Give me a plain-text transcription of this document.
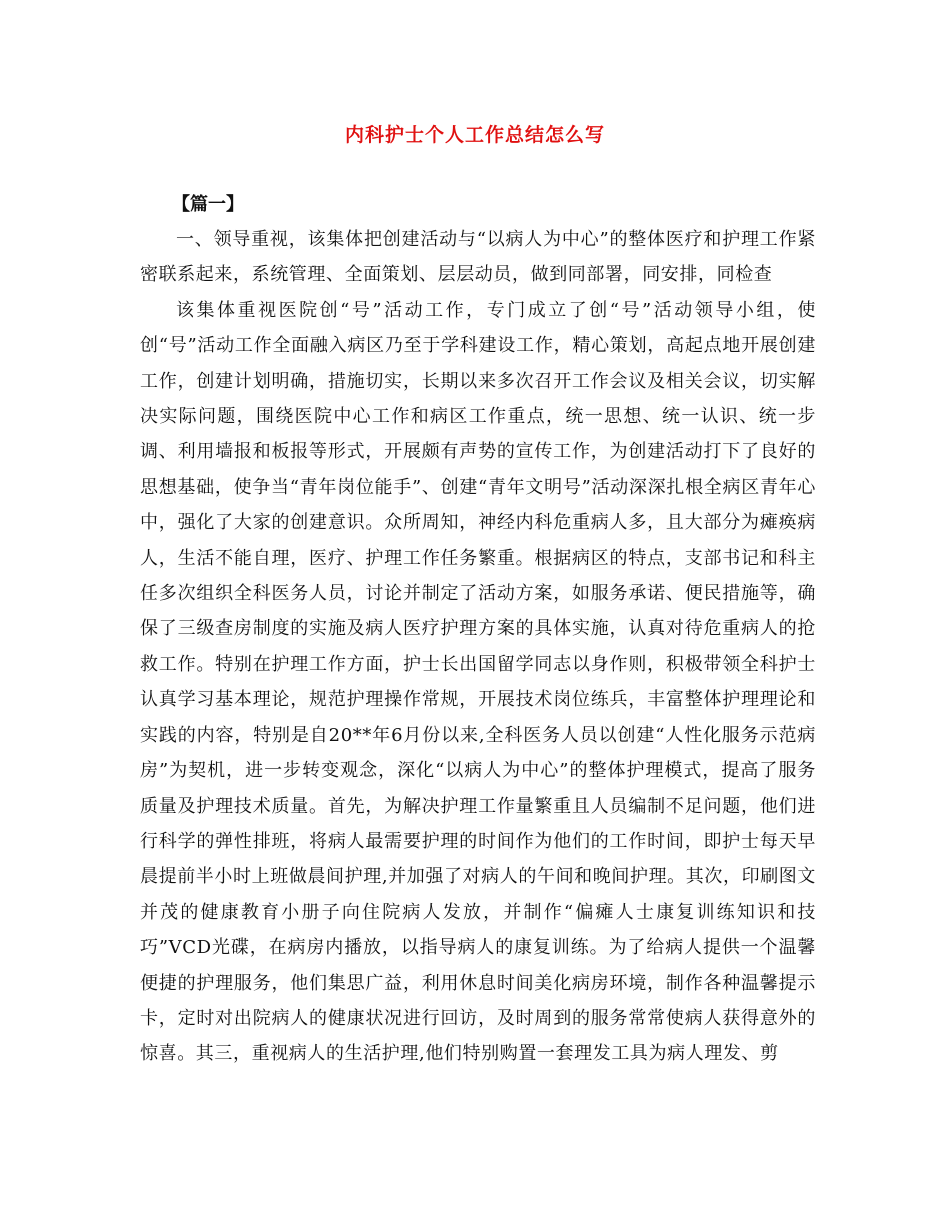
内科护士个人工作总结怎么写
【篇一】

一、领导重视，该集体把创建活动与“以病人为中心”的整体医疗和护理工作紧密联系起来，系统管理、全面策划、层层动员，做到同部署，同安排，同检查

该集体重视医院创“号”活动工作，专门成立了创“号”活动领导小组，使创“号”活动工作全面融入病区乃至于学科建设工作，精心策划，高起点地开展创建工作，创建计划明确，措施切实，长期以来多次召开工作会议及相关会议，切实解决实际问题，围绕医院中心工作和病区工作重点，统一思想、统一认识、统一步调、利用墙报和板报等形式，开展颇有声势的宣传工作，为创建活动打下了良好的思想基础，使争当“青年岗位能手”、创建“青年文明号”活动深深扎根全病区青年心中，强化了大家的创建意识。众所周知，神经内科危重病人多，且大部分为瘫痪病人，生活不能自理，医疗、护理工作任务繁重。根据病区的特点，支部书记和科主任多次组织全科医务人员，讨论并制定了活动方案，如服务承诺、便民措施等，确保了三级查房制度的实施及病人医疗护理方案的具体实施，认真对待危重病人的抢救工作。特别在护理工作方面，护士长出国留学同志以身作则，积极带领全科护士认真学习基本理论，规范护理操作常规，开展技术岗位练兵，丰富整体护理理论和实践的内容，特别是自20**年6月份以来,全科医务人员以创建“人性化服务示范病房”为契机，进一步转变观念，深化“以病人为中心”的整体护理模式，提高了服务质量及护理技术质量。首先，为解决护理工作量繁重且人员编制不足问题，他们进行科学的弹性排班，将病人最需要护理的时间作为他们的工作时间，即护士每天早晨提前半小时上班做晨间护理,并加强了对病人的午间和晚间护理。其次，印刷图文并茂的健康教育小册子向住院病人发放，并制作“偏瘫人士康复训练知识和技巧”VCD光碟，在病房内播放，以指导病人的康复训练。为了给病人提供一个温馨便捷的护理服务，他们集思广益，利用休息时间美化病房环境，制作各种温馨提示卡，定时对出院病人的健康状况进行回访，及时周到的服务常常使病人获得意外的惊喜。其三，重视病人的生活护理,他们特别购置一套理发工具为病人理发、剪
